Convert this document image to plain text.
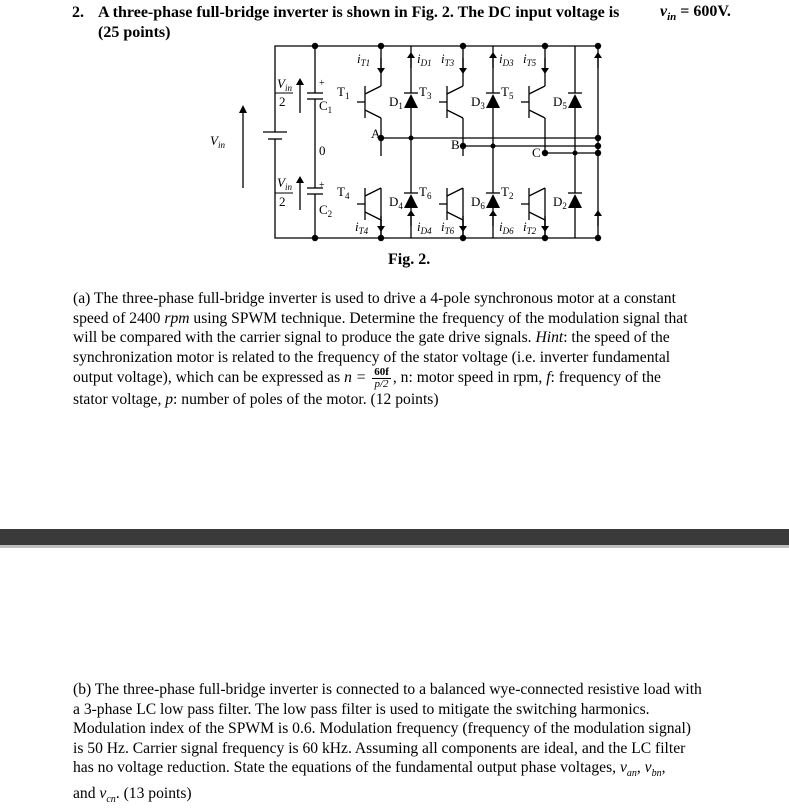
2. A three-phase full-bridge inverter is shown in Fig. 2. The DC input voltage is	$v_{in} = 600V$.
(25 points)
$V_{in}$
$V_{in}$
2
$V_{in}$
2
+
+
$C_1$
$C_2$
0
A
B
C
$T_1$	$T_3$	$T_5$
$T_4$	$T_6$	$T_2$
$D_1$	$D_3$	$D_5$
$D_4$	$D_6$	$D_2$
$i_{T1}$	$i_{D1}$ $i_{T3}$	$i_{D3}$ $i_{T5}$
$i_{T4}$	$i_{D4}$ $i_{T6}$	$i_{D6}$ $i_{T2}$
Fig. 2.

(a) The three-phase full-bridge inverter is used to drive a 4-pole synchronous motor at a constant

speed of 2400 rpm using SPWM technique. Determine the frequency of the modulation signal that

will be compared with the carrier signal to produce the gate drive signals. Hint: the speed of the

synchronization motor is related to the frequency of the stator voltage (i.e. inverter fundamental

output voltage), which can be expressed as $n = \frac{60f}{p/2}$ , n: motor speed in rpm, f: frequency of the

stator voltage, p: number of poles of the motor. (12 points)

(b) The three-phase full-bridge inverter is connected to a balanced wye-connected resistive load with

a 3-phase LC low pass filter. The low pass filter is used to mitigate the switching harmonics.

Modulation index of the SPWM is 0.6. Modulation frequency (frequency of the modulation signal)

is 50 Hz. Carrier signal frequency is 60 kHz. Assuming all components are ideal, and the LC filter

has no voltage reduction. State the equations of the fundamental output phase voltages, $v_{an}$, $v_{bn}$,

and $v_{cn}$. (13 points)
